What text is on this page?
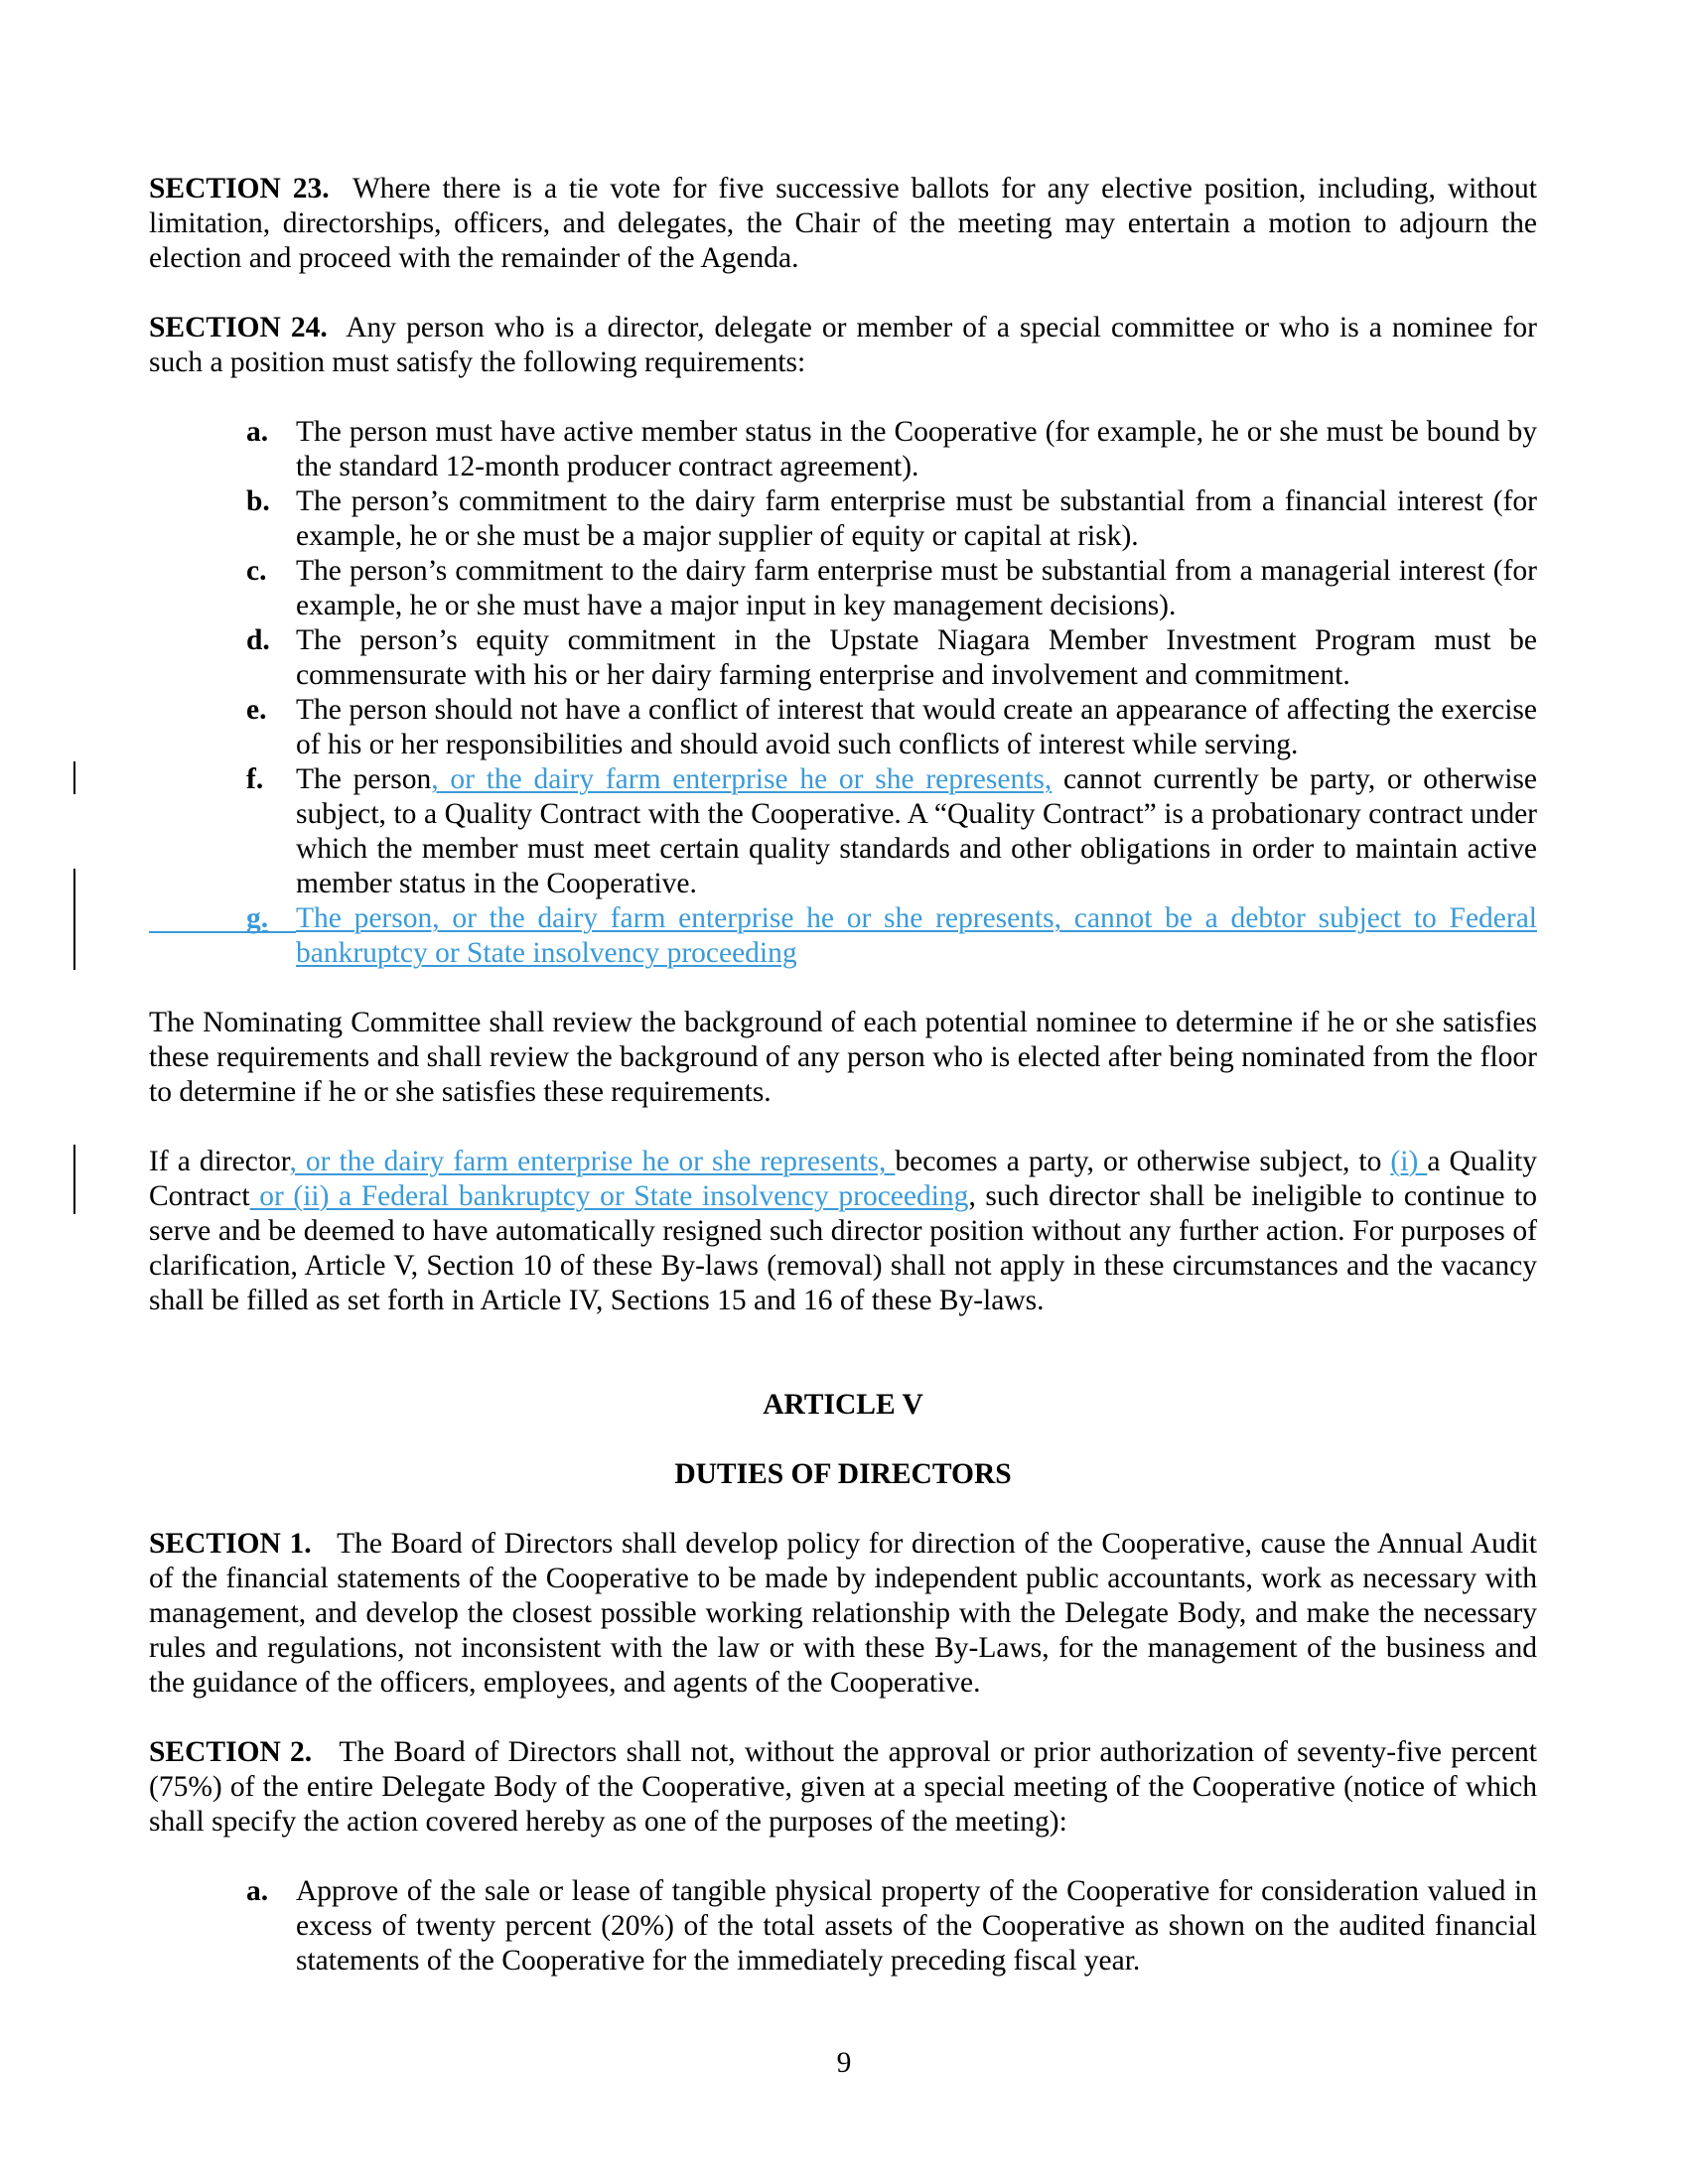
SECTION 23. Where there is a tie vote for five successive ballots for any elective position, including, without limitation, directorships, officers, and delegates, the Chair of the meeting may entertain a motion to adjourn the election and proceed with the remainder of the Agenda.

SECTION 24. Any person who is a director, delegate or member of a special committee or who is a nominee for such a position must satisfy the following requirements:

a. The person must have active member status in the Cooperative (for example, he or she must be bound by the standard 12-month producer contract agreement).
b. The person’s commitment to the dairy farm enterprise must be substantial from a financial interest (for example, he or she must be a major supplier of equity or capital at risk).
c. The person’s commitment to the dairy farm enterprise must be substantial from a managerial interest (for example, he or she must have a major input in key management decisions).
d. The person’s equity commitment in the Upstate Niagara Member Investment Program must be commensurate with his or her dairy farming enterprise and involvement and commitment.
e. The person should not have a conflict of interest that would create an appearance of affecting the exercise of his or her responsibilities and should avoid such conflicts of interest while serving.
f. The person, or the dairy farm enterprise he or she represents, cannot currently be party, or otherwise subject, to a Quality Contract with the Cooperative. A “Quality Contract” is a probationary contract under which the member must meet certain quality standards and other obligations in order to maintain active member status in the Cooperative.
g. The person, or the dairy farm enterprise he or she represents, cannot be a debtor subject to Federal bankruptcy or State insolvency proceeding

The Nominating Committee shall review the background of each potential nominee to determine if he or she satisfies these requirements and shall review the background of any person who is elected after being nominated from the floor to determine if he or she satisfies these requirements.

If a director, or the dairy farm enterprise he or she represents, becomes a party, or otherwise subject, to (i) a Quality Contract or (ii) a Federal bankruptcy or State insolvency proceeding, such director shall be ineligible to continue to serve and be deemed to have automatically resigned such director position without any further action. For purposes of clarification, Article V, Section 10 of these By-laws (removal) shall not apply in these circumstances and the vacancy shall be filled as set forth in Article IV, Sections 15 and 16 of these By-laws.

ARTICLE V
DUTIES OF DIRECTORS

SECTION 1. The Board of Directors shall develop policy for direction of the Cooperative, cause the Annual Audit of the financial statements of the Cooperative to be made by independent public accountants, work as necessary with management, and develop the closest possible working relationship with the Delegate Body, and make the necessary rules and regulations, not inconsistent with the law or with these By-Laws, for the management of the business and the guidance of the officers, employees, and agents of the Cooperative.

SECTION 2. The Board of Directors shall not, without the approval or prior authorization of seventy-five percent (75%) of the entire Delegate Body of the Cooperative, given at a special meeting of the Cooperative (notice of which shall specify the action covered hereby as one of the purposes of the meeting):

a. Approve of the sale or lease of tangible physical property of the Cooperative for consideration valued in excess of twenty percent (20%) of the total assets of the Cooperative as shown on the audited financial statements of the Cooperative for the immediately preceding fiscal year.
9
